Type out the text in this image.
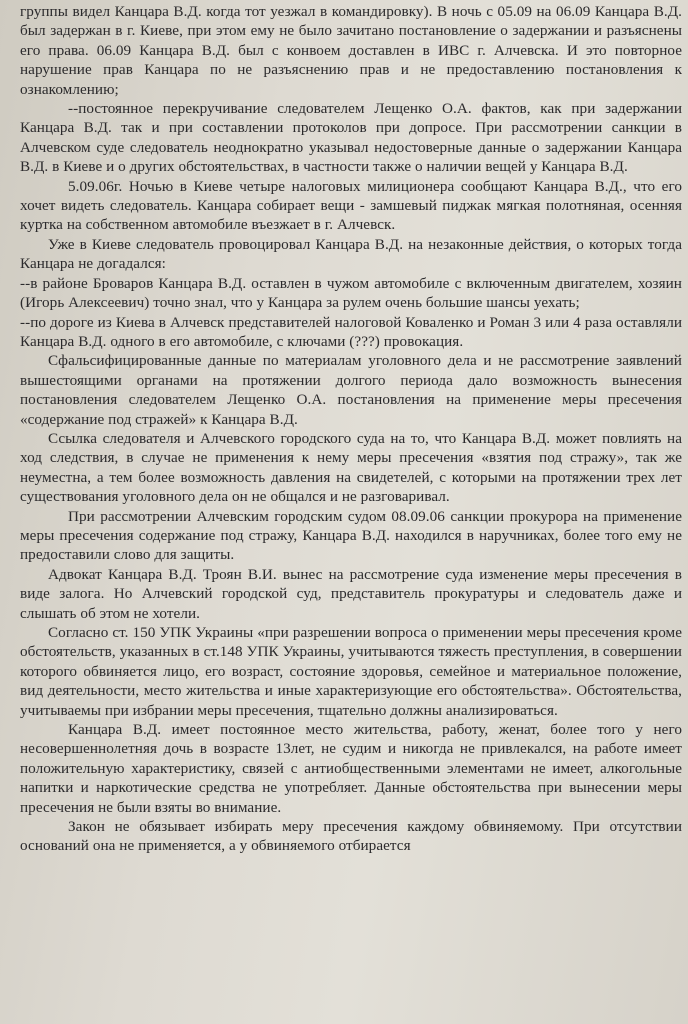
группы видел Канцара В.Д. когда тот уезжал в командировку). В ночь с 05.09 на 06.09 Канцара В.Д. был задержан в г. Киеве, при этом ему не было зачитано постановление о задержании и разъяснены его права. 06.09 Канцара В.Д. был с конвоем доставлен в ИВС г. Алчевска. И это повторное нарушение прав Канцара по не разъяснению прав и не предоставлению постановления к ознакомлению;

--постоянное перекручивание следователем Лещенко О.А. фактов, как при задержании Канцара В.Д. так и при составлении протоколов при допросе. При рассмотрении санкции в Алчевском суде следователь неоднократно указывал недостоверные данные о задержании Канцара В.Д. в Киеве и о других обстоятельствах, в частности также о наличии вещей у Канцара В.Д.

5.09.06г. Ночью в Киеве четыре налоговых милиционера сообщают Канцара В.Д., что его хочет видеть следователь. Канцара собирает вещи - замшевый пиджак мягкая полотняная, осенняя куртка на собственном автомобиле въезжает в г. Алчевск.

Уже в Киеве следователь провоцировал Канцара В.Д. на незаконные действия, о которых тогда Канцара не догадался:

--в районе Броваров Канцара В.Д. оставлен в чужом автомобиле с включенным двигателем, хозяин (Игорь Алексеевич) точно знал, что у Канцара за рулем очень большие шансы уехать;

--по дороге из Киева в Алчевск представителей налоговой Коваленко и Роман 3 или 4 раза оставляли Канцара В.Д. одного в его автомобиле, с ключами (???) провокация.

Сфальсифицированные данные по материалам уголовного дела и не рассмотрение заявлений вышестоящими органами на протяжении долгого периода дало возможность вынесения постановления следователем Лещенко О.А. постановления на применение меры пресечения «содержание под стражей» к Канцара В.Д.

Ссылка следователя и Алчевского городского суда на то, что Канцара В.Д. может повлиять на ход следствия, в случае не применения к нему меры пресечения «взятия под стражу», так же неуместна, а тем более возможность давления на свидетелей, с которыми на протяжении трех лет существования уголовного дела он не общался и не разговаривал.

При рассмотрении Алчевским городским судом 08.09.06 санкции прокурора на применение меры пресечения содержание под стражу, Канцара В.Д. находился в наручниках, более того ему не предоставили слово для защиты.

Адвокат Канцара В.Д. Троян В.И. вынес на рассмотрение суда изменение меры пресечения в виде залога. Но Алчевский городской суд, представитель прокуратуры и следователь даже и слышать об этом не хотели.

Согласно ст. 150 УПК Украины «при разрешении вопроса о применении меры пресечения кроме обстоятельств, указанных в ст.148 УПК Украины, учитываются тяжесть преступления, в совершении которого обвиняется лицо, его возраст, состояние здоровья, семейное и материальное положение, вид деятельности, место жительства и иные характеризующие его обстоятельства». Обстоятельства, учитываемы при избрании меры пресечения, тщательно должны анализироваться.

Канцара В.Д. имеет постоянное место жительства, работу, женат, более того у него несовершеннолетняя дочь в возрасте 13лет, не судим и никогда не привлекался, на работе имеет положительную характеристику, связей с антиобщественными элементами не имеет, алкогольные напитки и наркотические средства не употребляет. Данные обстоятельства при вынесении меры пресечения не были взяты во внимание.

Закон не обязывает избирать меру пресечения каждому обвиняемому. При отсутствии оснований она не применяется, а у обвиняемого отбирается
